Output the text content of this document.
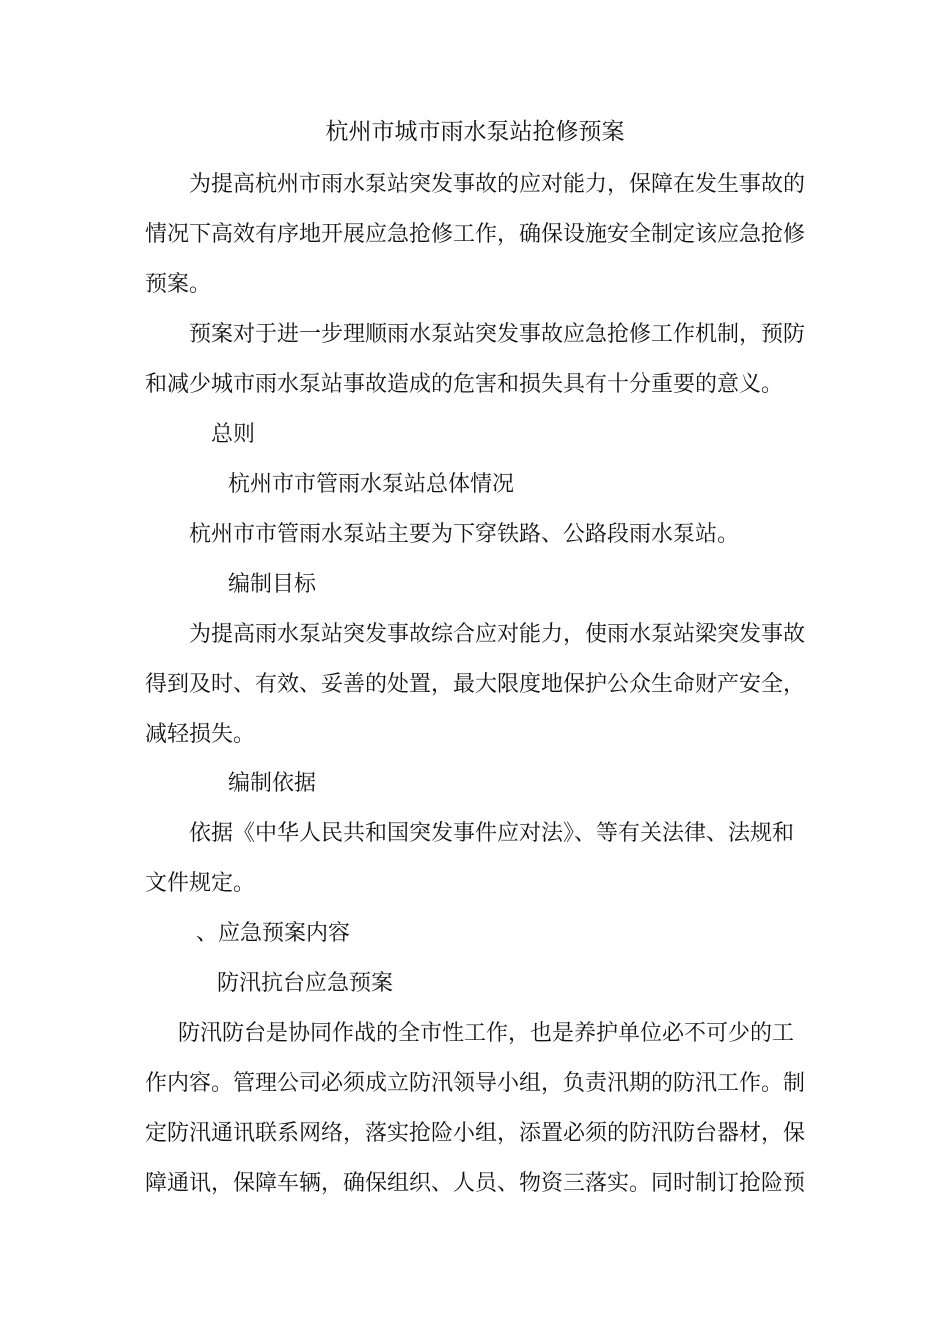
杭州市城市雨水泵站抢修预案
为提高杭州市雨水泵站突发事故的应对能力，保障在发生事故的
情况下高效有序地开展应急抢修工作，确保设施安全制定该应急抢修
预案。
预案对于进一步理顺雨水泵站突发事故应急抢修工作机制，预防
和减少城市雨水泵站事故造成的危害和损失具有十分重要的意义。
总则
杭州市市管雨水泵站总体情况
杭州市市管雨水泵站主要为下穿铁路、公路段雨水泵站。
编制目标
为提高雨水泵站突发事故综合应对能力，使雨水泵站梁突发事故
得到及时、有效、妥善的处置，最大限度地保护公众生命财产安全，
减轻损失。
编制依据
依据《中华人民共和国突发事件应对法》、等有关法律、法规和
文件规定。
、应急预案内容
防汛抗台应急预案
防汛防台是协同作战的全市性工作，也是养护单位必不可少的工
作内容。管理公司必须成立防汛领导小组，负责汛期的防汛工作。制
定防汛通讯联系网络，落实抢险小组，添置必须的防汛防台器材，保
障通讯，保障车辆，确保组织、人员、物资三落实。同时制订抢险预
